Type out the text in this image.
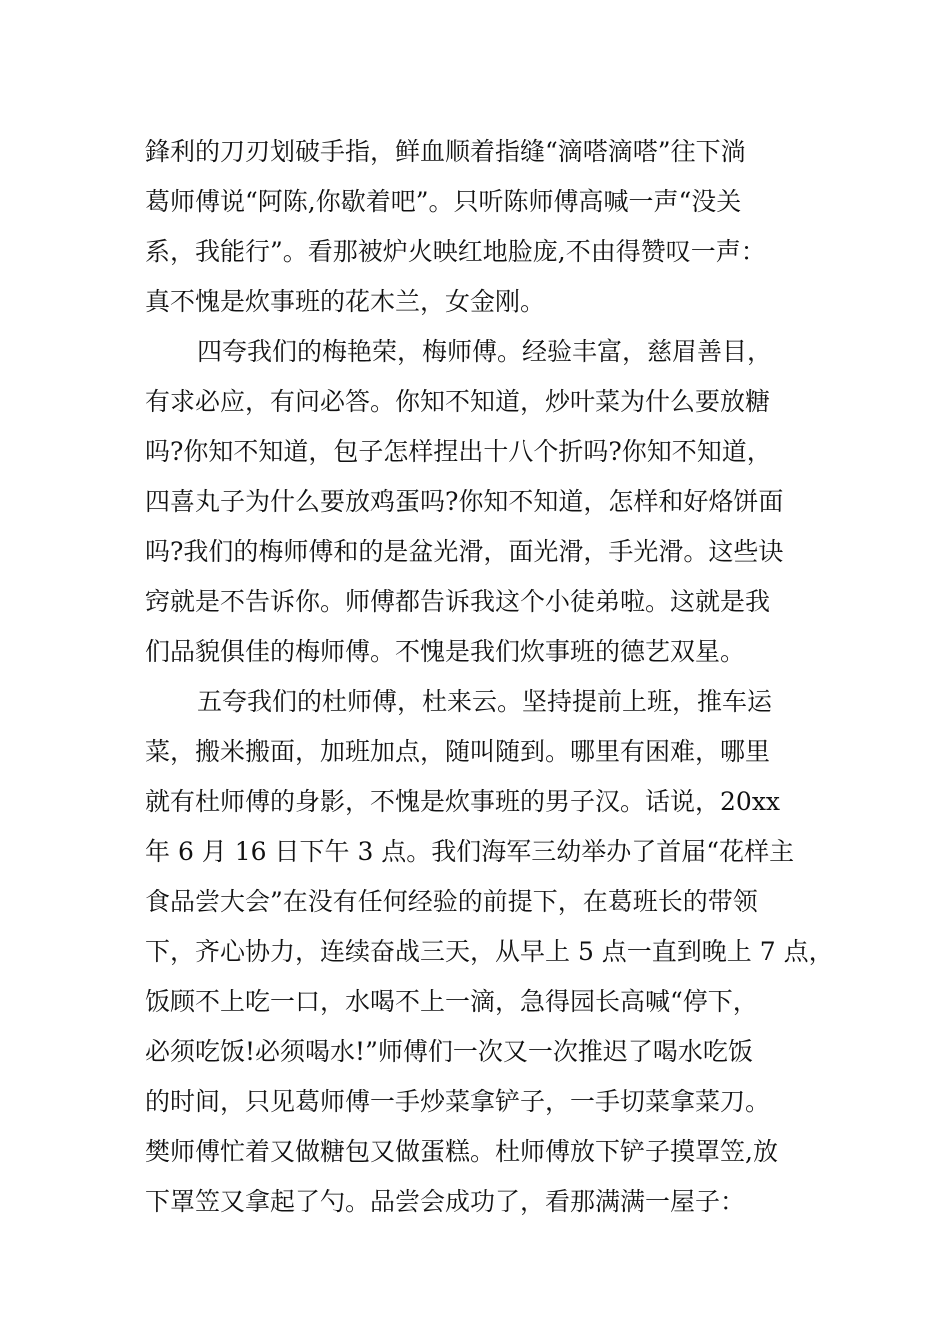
鋒利的刀刃划破手指，鲜血顺着指缝“滴嗒滴嗒”往下淌
葛师傅说“阿陈,你歇着吧”。只听陈师傅高喊一声“没关
系，我能行”。看那被炉火映红地脸庞,不由得赞叹一声：
真不愧是炊事班的花木兰，女金刚。
四夸我们的梅艳荣，梅师傅。经验丰富，慈眉善目，
有求必应，有问必答。你知不知道，炒叶菜为什么要放糖
吗?你知不知道，包子怎样捏出十八个折吗?你知不知道，
四喜丸子为什么要放鸡蛋吗?你知不知道，怎样和好烙饼面
吗?我们的梅师傅和的是盆光滑，面光滑，手光滑。这些诀
窍就是不告诉你。师傅都告诉我这个小徒弟啦。这就是我
们品貌俱佳的梅师傅。不愧是我们炊事班的德艺双星。
五夸我们的杜师傅，杜来云。坚持提前上班，推车运
菜，搬米搬面，加班加点，随叫随到。哪里有困难，哪里
就有杜师傅的身影，不愧是炊事班的男子汉。话说，20xx
年 6 月 16 日下午 3 点。我们海军三幼举办了首届“花样主
食品尝大会”在没有任何经验的前提下，在葛班长的带领
下，齐心协力，连续奋战三天，从早上 5 点一直到晚上 7 点，
饭顾不上吃一口，水喝不上一滴，急得园长高喊“停下，
必须吃饭!必须喝水!”师傅们一次又一次推迟了喝水吃饭
的时间，只见葛师傅一手炒菜拿铲子，一手切菜拿菜刀。
樊师傅忙着又做糖包又做蛋糕。杜师傅放下铲子摸罩笠,放
下罩笠又拿起了勺。品尝会成功了，看那满满一屋子：
